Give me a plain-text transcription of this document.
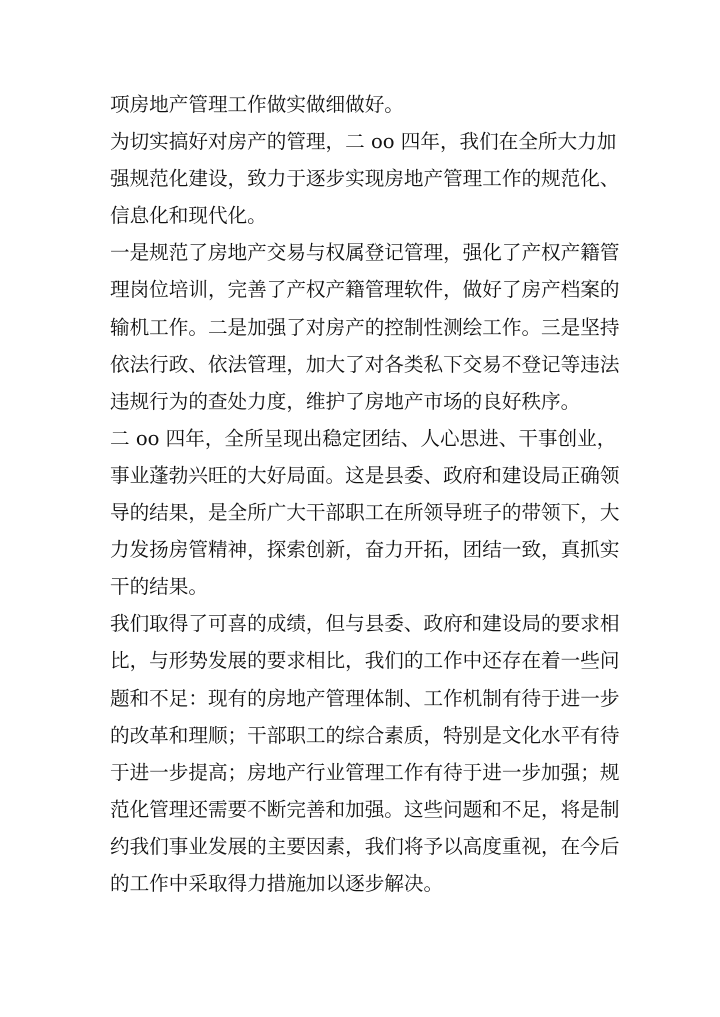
项房地产管理工作做实做细做好。
为切实搞好对房产的管理，二 oo 四年，我们在全所大力加
强规范化建设，致力于逐步实现房地产管理工作的规范化、
信息化和现代化。
一是规范了房地产交易与权属登记管理，强化了产权产籍管
理岗位培训，完善了产权产籍管理软件，做好了房产档案的
输机工作。二是加强了对房产的控制性测绘工作。三是坚持
依法行政、依法管理，加大了对各类私下交易不登记等违法
违规行为的查处力度，维护了房地产市场的良好秩序。
二 oo 四年，全所呈现出稳定团结、人心思进、干事创业，
事业蓬勃兴旺的大好局面。这是县委、政府和建设局正确领
导的结果，是全所广大干部职工在所领导班子的带领下，大
力发扬房管精神，探索创新，奋力开拓，团结一致，真抓实
干的结果。
我们取得了可喜的成绩，但与县委、政府和建设局的要求相
比，与形势发展的要求相比，我们的工作中还存在着一些问
题和不足：现有的房地产管理体制、工作机制有待于进一步
的改革和理顺；干部职工的综合素质，特别是文化水平有待
于进一步提高；房地产行业管理工作有待于进一步加强；规
范化管理还需要不断完善和加强。这些问题和不足，将是制
约我们事业发展的主要因素，我们将予以高度重视，在今后
的工作中采取得力措施加以逐步解决。
